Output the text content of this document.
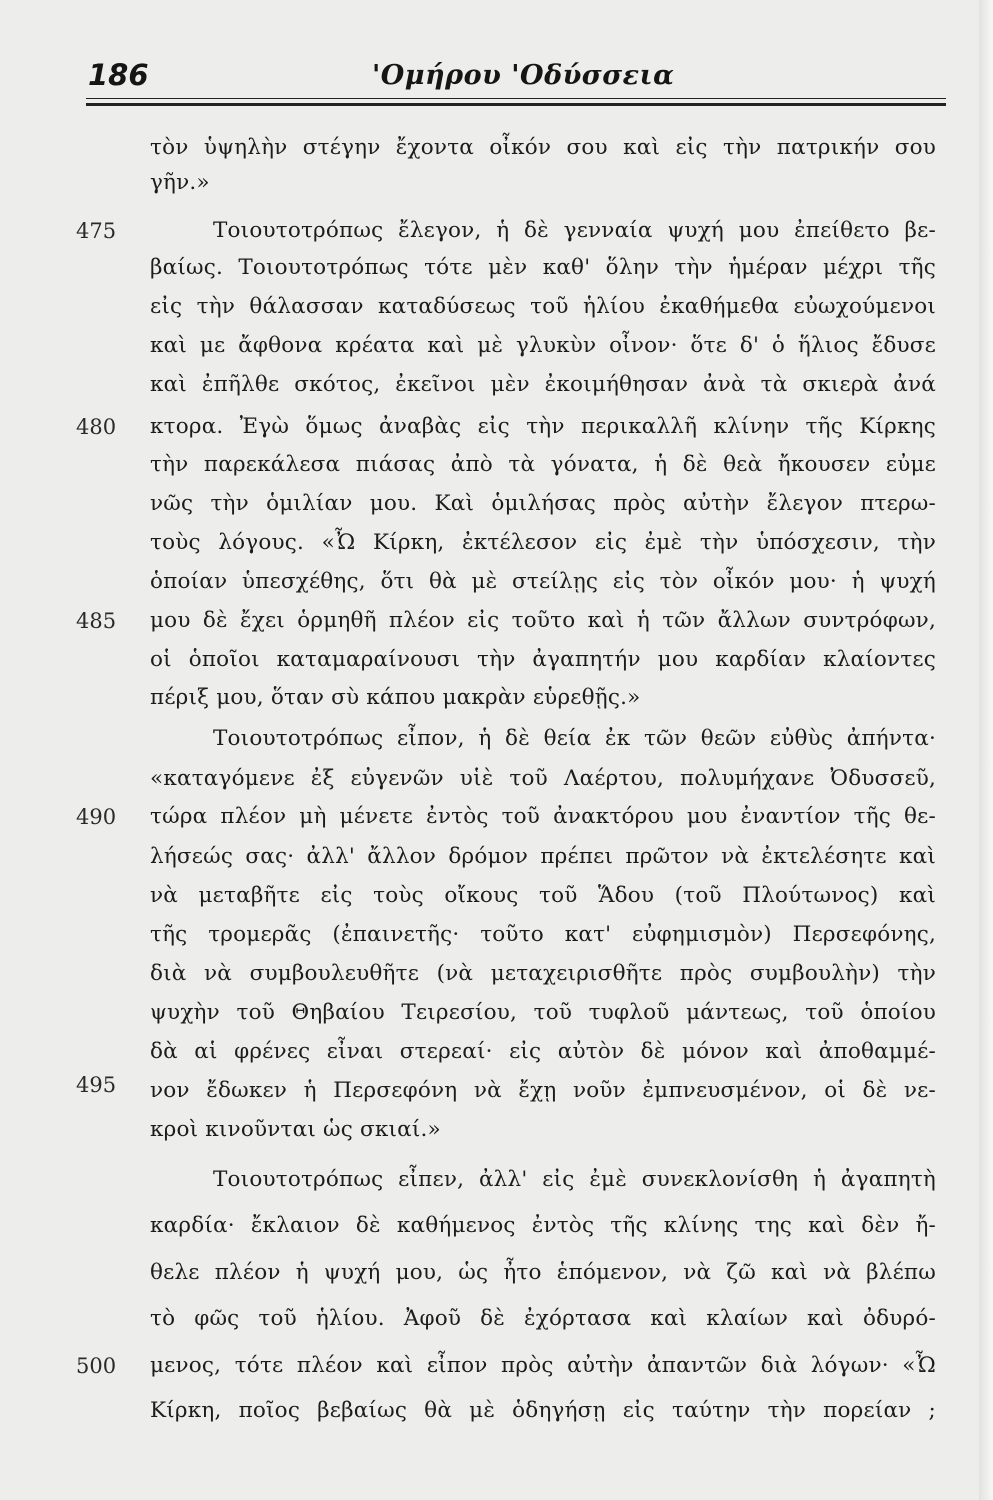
186	'Ομήρου 'Οδύσσεια
475
480
485
490
495
500
τὸν ὑψηλὴν στέγην ἔχοντα οἶκόν σου καὶ εἰς τὴν πατρικήν σου
γῆν.»
Τοιουτοτρόπως ἔλεγον, ἡ δὲ γενναία ψυχή μου ἐπείθετο βε-
βαίως. Τοιουτοτρόπως τότε μὲν καθ' ὅλην τὴν ἡμέραν μέχρι τῆς
εἰς τὴν θάλασσαν καταδύσεως τοῦ ἡλίου ἐκαθήμεθα εὐωχούμενοι
καὶ με ἄφθονα κρέατα καὶ μὲ γλυκὺν οἶνον· ὅτε δ' ὁ ἥλιος ἔδυσε
καὶ ἐπῆλθε σκότος, ἐκεῖνοι μὲν ἐκοιμήθησαν ἀνὰ τὰ σκιερὰ ἀνά
κτορα. Ἐγὼ ὅμως ἀναβὰς εἰς τὴν περικαλλῆ κλίνην τῆς Κίρκης
τὴν παρεκάλεσα πιάσας ἀπὸ τὰ γόνατα, ἡ δὲ θεὰ ἤκουσεν εὐμε
νῶς τὴν ὁμιλίαν μου. Καὶ ὁμιλήσας πρὸς αὐτὴν ἔλεγον πτερω-
τοὺς λόγους. «Ὦ Κίρκη, ἐκτέλεσον εἰς ἐμὲ τὴν ὑπόσχεσιν, τὴν
ὁποίαν ὑπεσχέθης, ὅτι θὰ μὲ στείλῃς εἰς τὸν οἶκόν μου· ἡ ψυχή
μου δὲ ἔχει ὁρμηθῆ πλέον εἰς τοῦτο καὶ ἡ τῶν ἄλλων συντρόφων,
οἱ ὁποῖοι καταμαραίνουσι τὴν ἀγαπητήν μου καρδίαν κλαίοντες
πέριξ μου, ὅταν σὺ κάπου μακρὰν εὑρεθῇς.»
Τοιουτοτρόπως εἶπον, ἡ δὲ θεία ἐκ τῶν θεῶν εὐθὺς ἀπήντα·
«καταγόμενε ἐξ εὐγενῶν υἱὲ τοῦ Λαέρτου, πολυμήχανε Ὀδυσσεῦ,
τώρα πλέον μὴ μένετε ἐντὸς τοῦ ἀνακτόρου μου ἐναντίον τῆς θε-
λήσεώς σας· ἀλλ' ἄλλον δρόμον πρέπει πρῶτον νὰ ἐκτελέσητε καὶ
νὰ μεταβῆτε εἰς τοὺς οἴκους τοῦ Ἅδου (τοῦ Πλούτωνος) καὶ
τῆς τρομερᾶς (ἐπαινετῆς· τοῦτο κατ' εὐφημισμὸν) Περσεφόνης,
διὰ νὰ συμβουλευθῆτε (νὰ μεταχειρισθῆτε πρὸς συμβουλὴν) τὴν
ψυχὴν τοῦ Θηβαίου Τειρεσίου, τοῦ τυφλοῦ μάντεως, τοῦ ὁποίου
δὰ αἱ φρένες εἶναι στερεαί· εἰς αὐτὸν δὲ μόνον καὶ ἀποθαμμέ-
νον ἔδωκεν ἡ Περσεφόνη νὰ ἔχῃ νοῦν ἐμπνευσμένον, οἱ δὲ νε-
κροὶ κινοῦνται ὡς σκιαί.»
Τοιουτοτρόπως εἶπεν, ἀλλ' εἰς ἐμὲ συνεκλονίσθη ἡ ἀγαπητὴ
καρδία· ἔκλαιον δὲ καθήμενος ἐντὸς τῆς κλίνης της καὶ δὲν ἤ-
θελε πλέον ἡ ψυχή μου, ὡς ἦτο ἑπόμενον, νὰ ζῶ καὶ νὰ βλέπω
τὸ φῶς τοῦ ἡλίου. Ἀφοῦ δὲ ἐχόρτασα καὶ κλαίων καὶ ὀδυρό-
μενος, τότε πλέον καὶ εἶπον πρὸς αὐτὴν ἀπαντῶν διὰ λόγων· «Ὦ
Κίρκη, ποῖος βεβαίως θὰ μὲ ὁδηγήσῃ εἰς ταύτην τὴν πορείαν ;
